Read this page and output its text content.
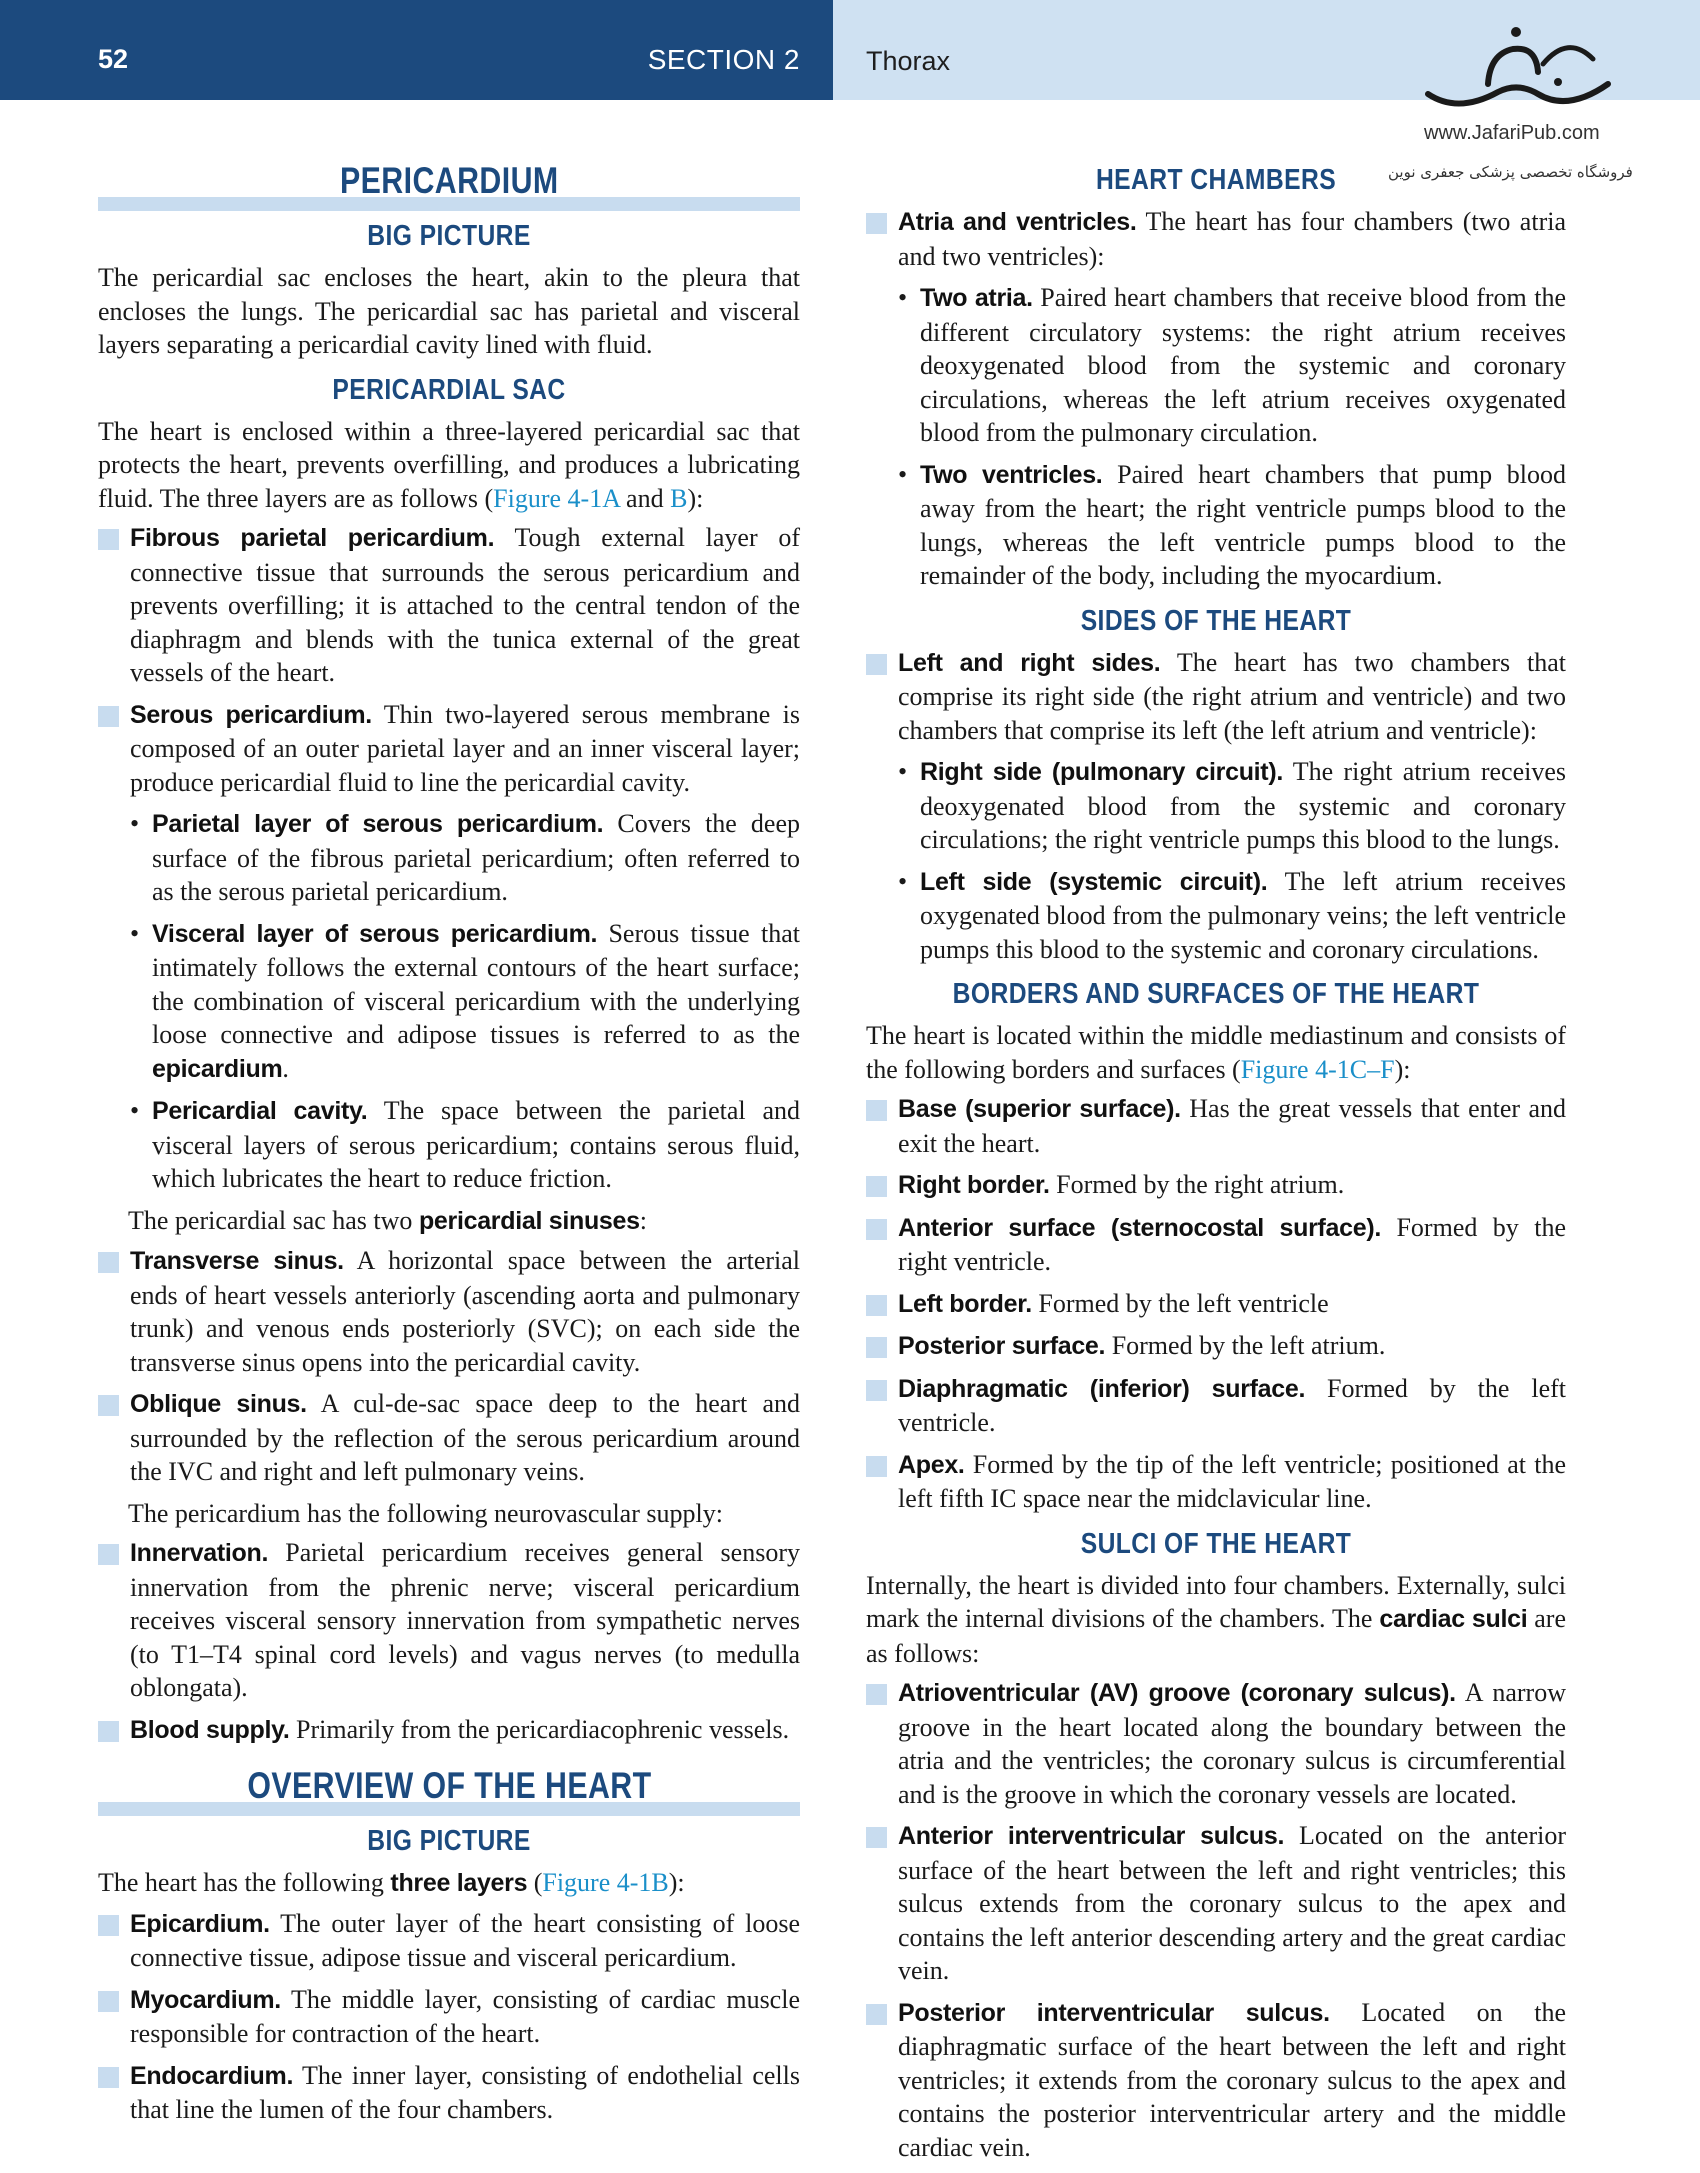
52	SECTION 2 Thorax
www.JafariPub.com
فروشگاه تخصصی پزشکی جعفری نوین
PERICARDIUM
BIG PICTURE

The pericardial sac encloses the heart, akin to the pleura that encloses the lungs. The pericardial sac has parietal and visceral layers separating a pericardial cavity lined with fluid.

PERICARDIAL SAC

The heart is enclosed within a three-layered pericardial sac that protects the heart, prevents overfilling, and produces a lubricating fluid. The three layers are as follows (Figure 4-1A and B):

Fibrous parietal pericardium. Tough external layer of connective tissue that surrounds the serous pericardium and prevents overfilling; it is attached to the central tendon of the diaphragm and blends with the tunica external of the great vessels of the heart.
Serous pericardium. Thin two-layered serous membrane is composed of an outer parietal layer and an inner visceral layer; produce pericardial fluid to line the pericardial cavity.
• Parietal layer of serous pericardium. Covers the deep surface of the fibrous parietal pericardium; often referred to as the serous parietal pericardium.
• Visceral layer of serous pericardium. Serous tissue that intimately follows the external contours of the heart surface; the combination of visceral pericardium with the underlying loose connective and adipose tissues is referred to as the epicardium.
• Pericardial cavity. The space between the parietal and visceral layers of serous pericardium; contains serous fluid, which lubricates the heart to reduce friction.

The pericardial sac has two pericardial sinuses:

Transverse sinus. A horizontal space between the arterial ends of heart vessels anteriorly (ascending aorta and pulmonary trunk) and venous ends posteriorly (SVC); on each side the transverse sinus opens into the pericardial cavity.
Oblique sinus. A cul-de-sac space deep to the heart and surrounded by the reflection of the serous pericardium around the IVC and right and left pulmonary veins.

The pericardium has the following neurovascular supply:

Innervation. Parietal pericardium receives general sensory innervation from the phrenic nerve; visceral pericardium receives visceral sensory innervation from sympathetic nerves (to T1–T4 spinal cord levels) and vagus nerves (to medulla oblongata).
Blood supply. Primarily from the pericardiacophrenic vessels.
OVERVIEW OF THE HEART
BIG PICTURE

The heart has the following three layers (Figure 4-1B):

Epicardium. The outer layer of the heart consisting of loose connective tissue, adipose tissue and visceral pericardium.
Myocardium. The middle layer, consisting of cardiac muscle responsible for contraction of the heart.
Endocardium. The inner layer, consisting of endothelial cells that line the lumen of the four chambers.
HEART CHAMBERS
Atria and ventricles. The heart has four chambers (two atria and two ventricles):
• Two atria. Paired heart chambers that receive blood from the different circulatory systems: the right atrium receives deoxygenated blood from the systemic and coronary circulations, whereas the left atrium receives oxygenated blood from the pulmonary circulation.
• Two ventricles. Paired heart chambers that pump blood away from the heart; the right ventricle pumps blood to the lungs, whereas the left ventricle pumps blood to the remainder of the body, including the myocardium.
SIDES OF THE HEART
Left and right sides. The heart has two chambers that comprise its right side (the right atrium and ventricle) and two chambers that comprise its left (the left atrium and ventricle):
• Right side (pulmonary circuit). The right atrium receives deoxygenated blood from the systemic and coronary circulations; the right ventricle pumps this blood to the lungs.
• Left side (systemic circuit). The left atrium receives oxygenated blood from the pulmonary veins; the left ventricle pumps this blood to the systemic and coronary circulations.
BORDERS AND SURFACES OF THE HEART

The heart is located within the middle mediastinum and consists of the following borders and surfaces (Figure 4-1C–F):

Base (superior surface). Has the great vessels that enter and exit the heart.
Right border. Formed by the right atrium.
Anterior surface (sternocostal surface). Formed by the right ventricle.
Left border. Formed by the left ventricle
Posterior surface. Formed by the left atrium.
Diaphragmatic (inferior) surface. Formed by the left ventricle.
Apex. Formed by the tip of the left ventricle; positioned at the left fifth IC space near the midclavicular line.
SULCI OF THE HEART

Internally, the heart is divided into four chambers. Externally, sulci mark the internal divisions of the chambers. The cardiac sulci are as follows:

Atrioventricular (AV) groove (coronary sulcus). A narrow groove in the heart located along the boundary between the atria and the ventricles; the coronary sulcus is circumferential and is the groove in which the coronary vessels are located.
Anterior interventricular sulcus. Located on the anterior surface of the heart between the left and right ventricles; this sulcus extends from the coronary sulcus to the apex and contains the left anterior descending artery and the great cardiac vein.
Posterior interventricular sulcus. Located on the diaphragmatic surface of the heart between the left and right ventricles; it extends from the coronary sulcus to the apex and contains the posterior interventricular artery and the middle cardiac vein.
